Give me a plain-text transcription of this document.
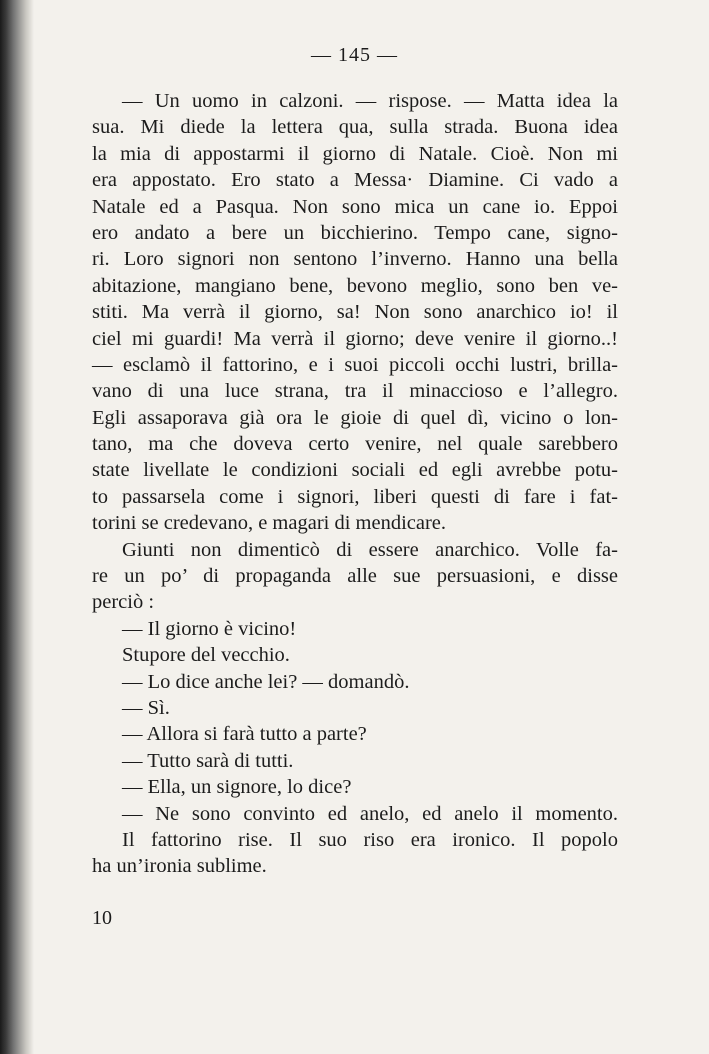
— 145 —
— Un uomo in calzoni. — rispose. — Matta idea la
sua. Mi diede la lettera qua, sulla strada. Buona idea
la mia di appostarmi il giorno di Natale. Cioè. Non mi
era appostato. Ero stato a Messa· Diamine. Ci vado a
Natale ed a Pasqua. Non sono mica un cane io. Eppoi
ero andato a bere un bicchierino. Tempo cane, signo-
ri. Loro signori non sentono l’inverno. Hanno una bella
abitazione, mangiano bene, bevono meglio, sono ben ve-
stiti. Ma verrà il giorno, sa! Non sono anarchico io! il
ciel mi guardi! Ma verrà il giorno; deve venire il giorno..!
— esclamò il fattorino, e i suoi piccoli occhi lustri, brilla-
vano di una luce strana, tra il minaccioso e l’allegro.
Egli assaporava già ora le gioie di quel dì, vicino o lon-
tano, ma che doveva certo venire, nel quale sarebbero
state livellate le condizioni sociali ed egli avrebbe potu-
to passarsela come i signori, liberi questi di fare i fat-
torini se credevano, e magari di mendicare.
Giunti non dimenticò di essere anarchico. Volle fa-
re un po’ di propaganda alle sue persuasioni, e disse
perciò :
— Il giorno è vicino!
Stupore del vecchio.
— Lo dice anche lei? — domandò.
— Sì.
— Allora si farà tutto a parte?
— Tutto sarà di tutti.
— Ella, un signore, lo dice?
— Ne sono convinto ed anelo, ed anelo il momento.
Il fattorino rise. Il suo riso era ironico. Il popolo
ha un’ironia sublime.
10
